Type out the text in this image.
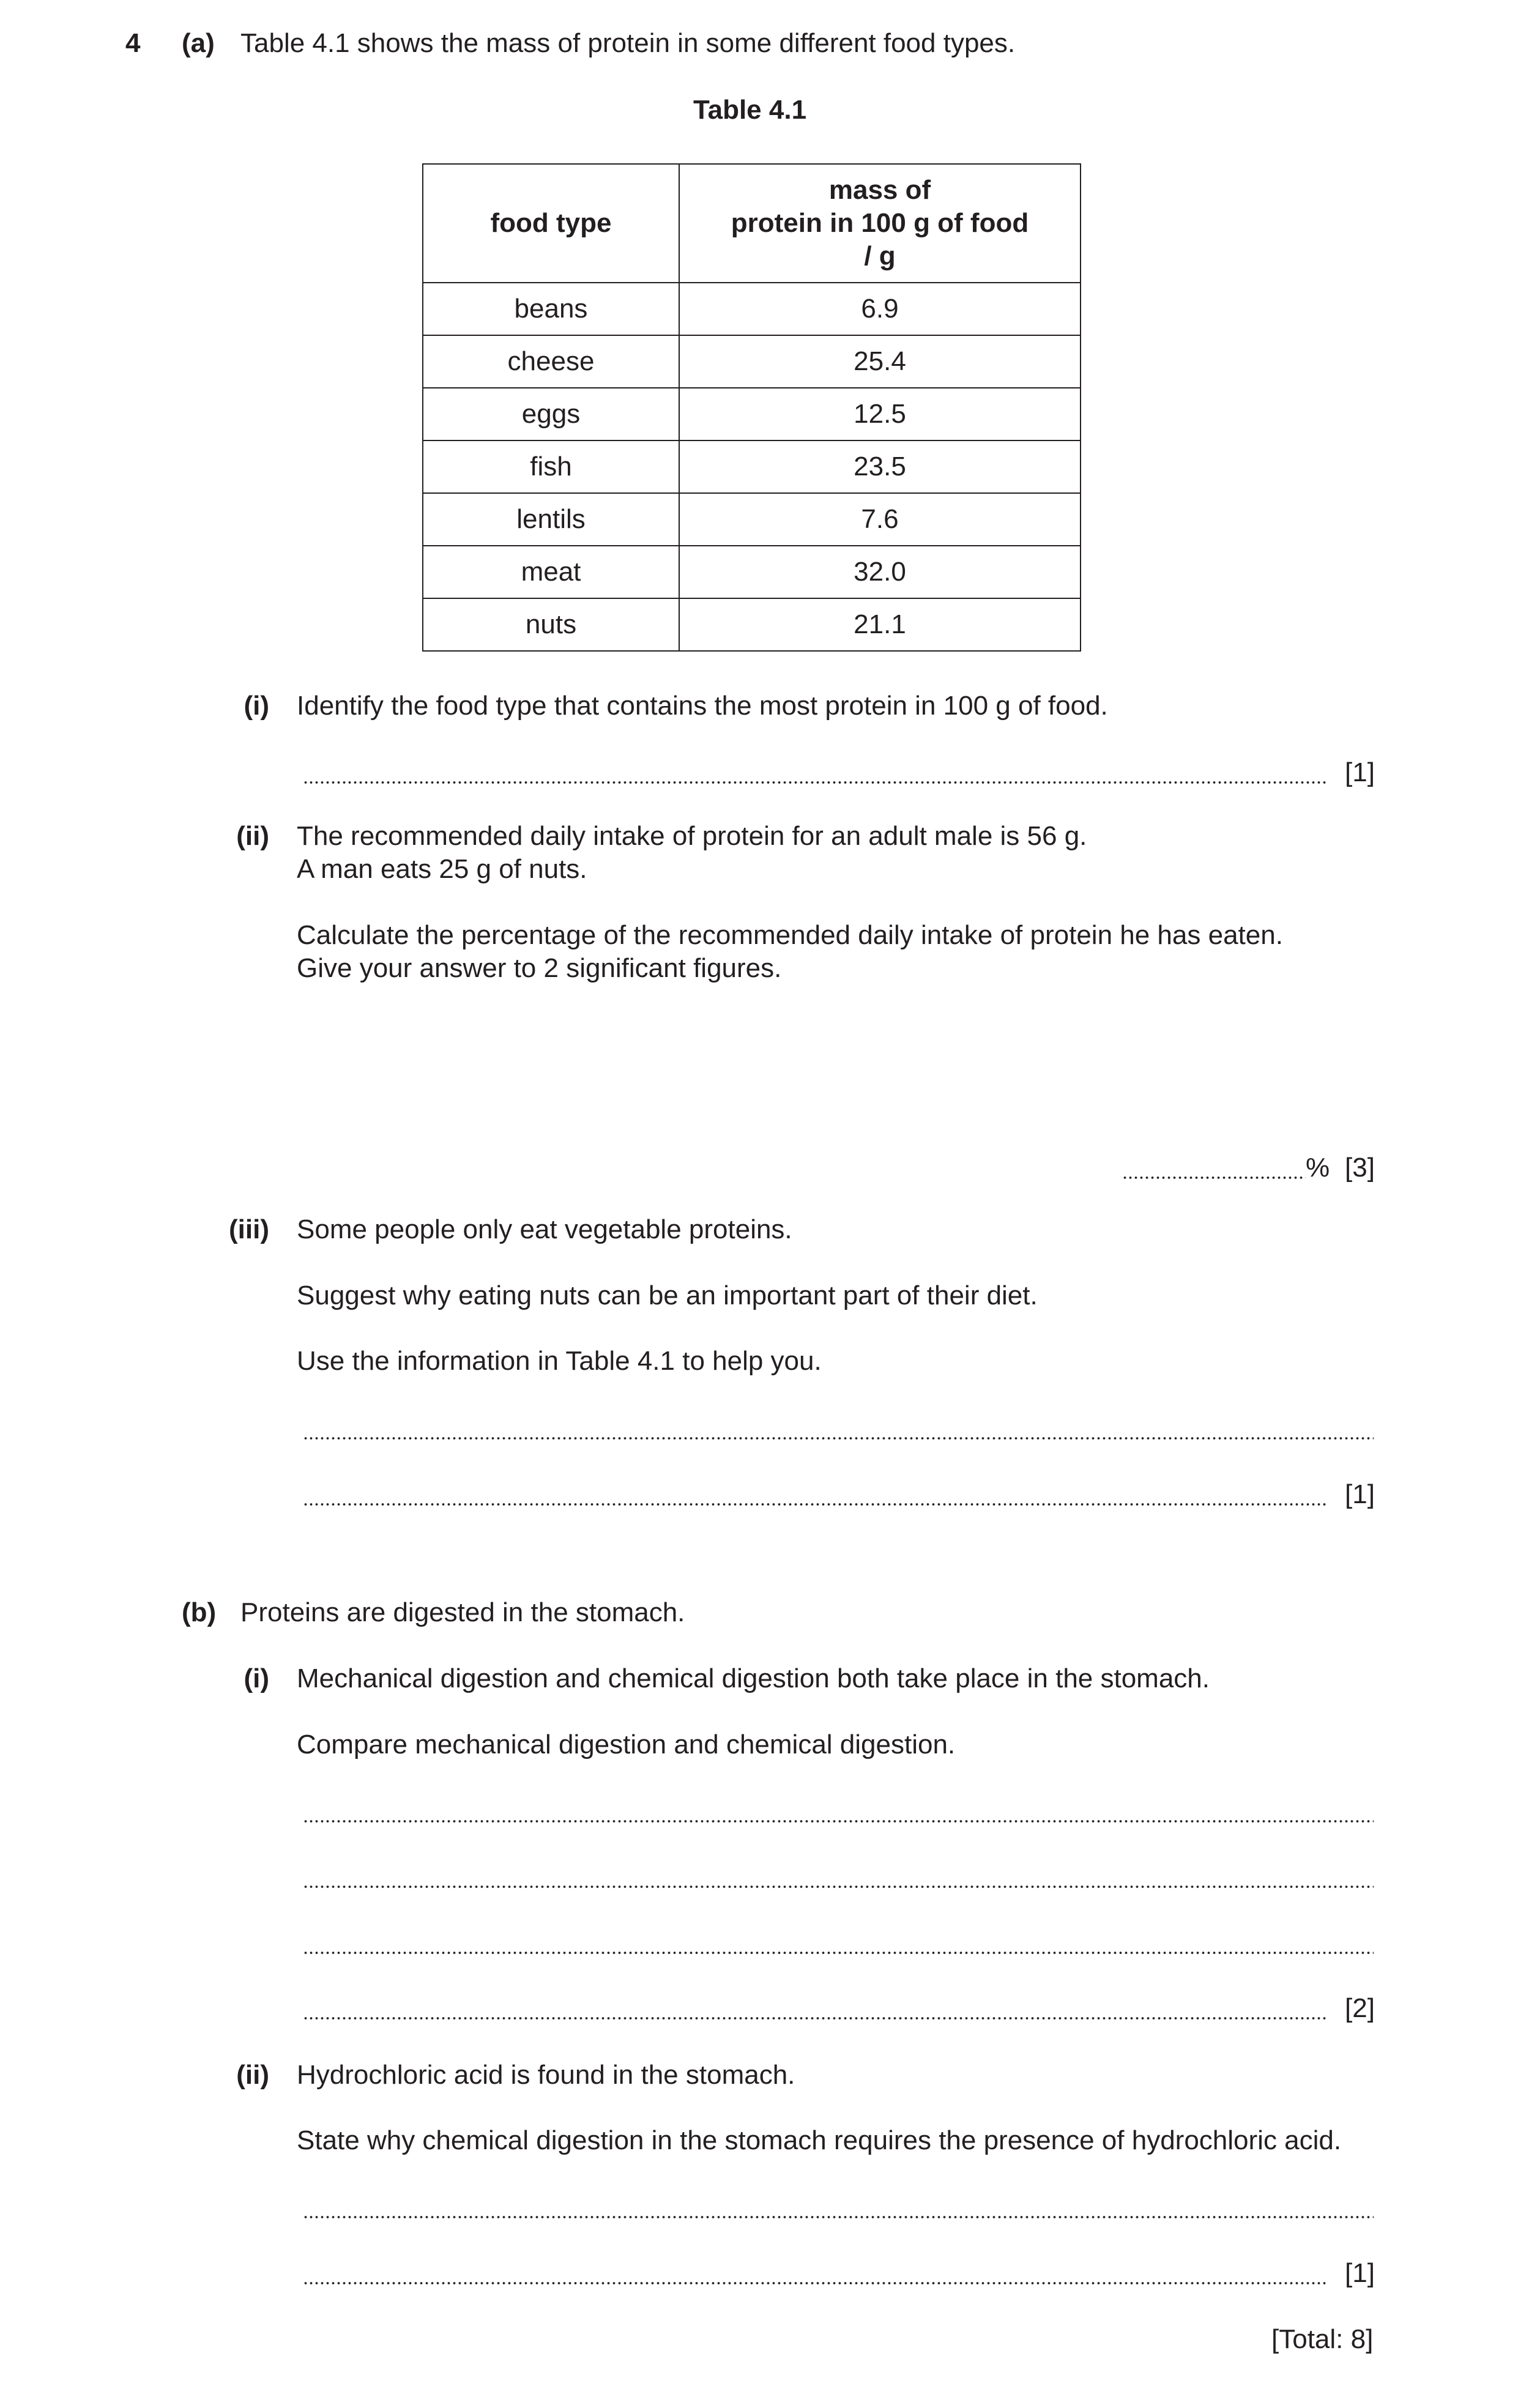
4 (a) Table 4.1 shows the mass of protein in some different food types.
Table 4.1
food type	mass of
protein in 100 g of food
/ g

beans	6.9
cheese	25.4
eggs	12.5
fish	23.5
lentils	7.6
meat	32.0
nuts	21.1
(i) Identify the food type that contains the most protein in 100 g of food.
[1]
(ii) The recommended daily intake of protein for an adult male is 56 g.
A man eats 25 g of nuts.
Calculate the percentage of the recommended daily intake of protein he has eaten.
Give your answer to 2 significant figures.
% [3]
(iii) Some people only eat vegetable proteins.
Suggest why eating nuts can be an important part of their diet.
Use the information in Table 4.1 to help you.
[1]
(b) Proteins are digested in the stomach.
(i) Mechanical digestion and chemical digestion both take place in the stomach.
Compare mechanical digestion and chemical digestion.
[2]
(ii) Hydrochloric acid is found in the stomach.
State why chemical digestion in the stomach requires the presence of hydrochloric acid.
[1]
[Total: 8]
